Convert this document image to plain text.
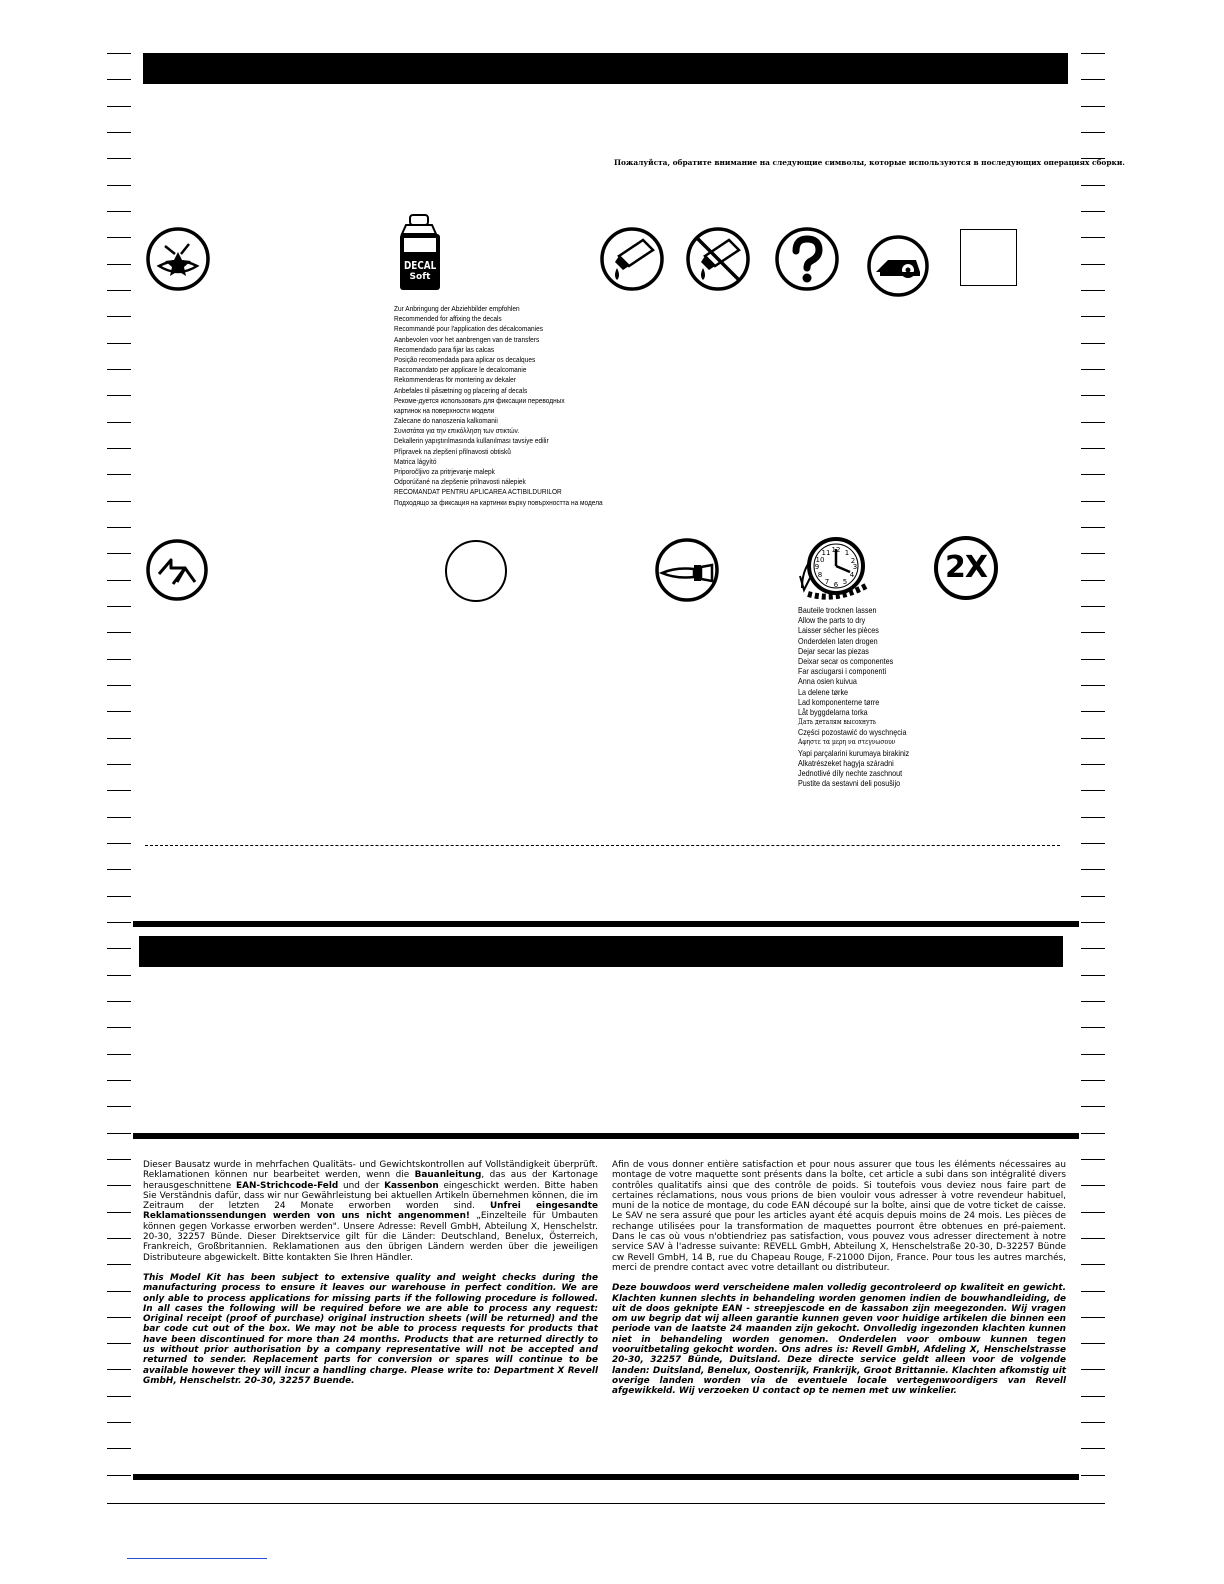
Пожалуйста, обратите внимание на следующие символы, которые используются в последующих операциях сборки.
DECAL
Soft
Zur Anbringung der Abziehbilder empfohlen
Recommended for affixing the decals
Recommandé pour l'application des décalcomanies
Aanbevolen voor het aanbrengen van de transfers
Recomendado para fijar las calcas
Posição recomendada para aplicar os decalques
Raccomandato per applicare le decalcomanie
Rekommenderas för montering av dekaler
Anbefales til påsætning og placering af decals
Рекоме-дуется использовать для фиксации переводных
картинок на поверхности модели
Zalecane do nanoszenia kalkomanii
Συνιστάται για την επικόλληση των στικτών.
Dekallerin yapıştırılmasında kullanılması tavsiye edilir
Přípravek na zlepšení přilnavosti obtisků
Matrica lágyító
Priporočljivo za pritrjevanje malepk
Odporúčané na zlepšenie prilnavosti nálepiek
RECOMANDAT PENTRU APLICAREA ACTIBILDURILOR
Подходящо за фиксация на картинки върху повърхността на модела
12 1
2
3
4
5
6
7
8
9
10
11
Bauteile trocknen lassen
Allow the parts to dry
Laisser sécher les pièces
Onderdelen laten drogen
Dejar secar las piezas
Deixar secar os componentes
Far asciugarsi i componenti
Anna osien kuivua
La delene tørke
Lad komponenterne tørre
Låt byggdelarna torka
Дать деталям высохнуть
Części pozostawić do wyschnęcia
Αφηστε τα μερη να στεγνωσουν
Yapi parçalarini kurumaya birakiniz
Alkatrészeket hagyja száradni
Jednotlivé díly nechte zaschnout
Pustite da sestavni deli posušijo
2X

Dieser Bausatz wurde in mehrfachen Qualitäts- und Gewichtskontrollen auf Vollständigkeit überprüft. Reklamationen können nur bearbeitet werden, wenn die Bauanleitung, das aus der Kartonage herausgeschnittene EAN-Strichcode-Feld und der Kassenbon eingeschickt werden. Bitte haben Sie Verständnis dafür, dass wir nur Gewährleistung bei aktuellen Artikeln übernehmen können, die im Zeitraum der letzten 24 Monate erworben worden sind. Unfrei eingesandte Reklamationssendungen werden von uns nicht angenommen! „Einzelteile für Umbauten können gegen Vorkasse erworben werden". Unsere Adresse: Revell GmbH, Abteilung X, Henschelstr. 20-30, 32257 Bünde. Dieser Direktservice gilt für die Länder: Deutschland, Benelux, Österreich, Frankreich, Großbritannien. Reklamationen aus den übrigen Ländern werden über die jeweiligen Distributeure abgewickelt. Bitte kontakten Sie Ihren Händler.

This Model Kit has been subject to extensive quality and weight checks during the manufacturing process to ensure it leaves our warehouse in perfect condition. We are only able to process applications for missing parts if the following procedure is followed. In all cases the following will be required before we are able to process any request: Original receipt (proof of purchase) original instruction sheets (will be returned) and the bar code cut out of the box. We may not be able to process requests for products that have been discontinued for more than 24 months. Products that are returned directly to us without prior authorisation by a company representative will not be accepted and returned to sender. Replacement parts for conversion or spares will continue to be available however they will incur a handling charge. Please write to: Department X Revell GmbH, Henschelstr. 20-30, 32257 Buende.

Afin de vous donner entière satisfaction et pour nous assurer que tous les éléments nécessaires au montage de votre maquette sont présents dans la boîte, cet article a subi dans son intégralité divers contrôles qualitatifs ainsi que des contrôle de poids. Si toutefois vous deviez nous faire part de certaines réclamations, nous vous prions de bien vouloir vous adresser à votre revendeur habituel, muni de la notice de montage, du code EAN découpé sur la boîte, ainsi que de votre ticket de caisse. Le SAV ne sera assuré que pour les articles ayant été acquis depuis moins de 24 mois. Les pièces de rechange utilisées pour la transformation de maquettes pourront être obtenues en pré-paiement. Dans le cas où vous n'obtiendriez pas satisfaction, vous pouvez vous adresser directement à notre service SAV à l'adresse suivante: REVELL GmbH, Abteilung X, Henschelstraße 20-30, D-32257 Bünde cw Revell GmbH, 14 B, rue du Chapeau Rouge, F-21000 Dijon, France. Pour tous les autres marchés, merci de prendre contact avec votre detaillant ou distributeur.

Deze bouwdoos werd verscheidene malen volledig gecontroleerd op kwaliteit en gewicht. Klachten kunnen slechts in behandeling worden genomen indien de bouwhandleiding, de uit de doos geknipte EAN - streepjescode en de kassabon zijn meegezonden. Wij vragen om uw begrip dat wij alleen garantie kunnen geven voor huidige artikelen die binnen een periode van de laatste 24 maanden zijn gekocht. Onvolledig ingezonden klachten kunnen niet in behandeling worden genomen. Onderdelen voor ombouw kunnen tegen vooruitbetaling gekocht worden. Ons adres is: Revell GmbH, Afdeling X, Henschelstrasse 20-30, 32257 Bünde, Duitsland. Deze directe service geldt alleen voor de volgende landen: Duitsland, Benelux, Oostenrijk, Frankrijk, Groot Brittannie. Klachten afkomstig uit overige landen worden via de eventuele locale vertegenwoordigers van Revell afgewikkeld. Wij verzoeken U contact op te nemen met uw winkelier.
